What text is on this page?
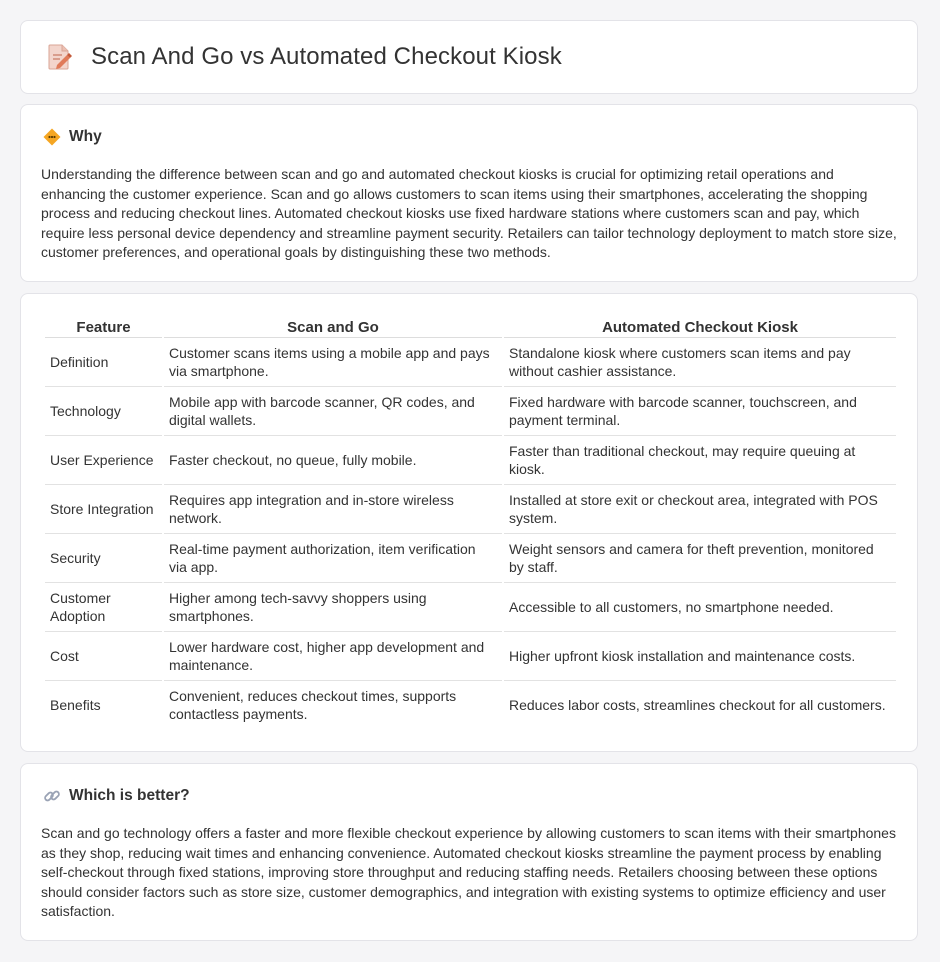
Scan And Go vs Automated Checkout Kiosk
Why
Understanding the difference between scan and go and automated checkout kiosks is crucial for optimizing retail operations and enhancing the customer experience. Scan and go allows customers to scan items using their smartphones, accelerating the shopping process and reducing checkout lines. Automated checkout kiosks use fixed hardware stations where customers scan and pay, which require less personal device dependency and streamline payment security. Retailers can tailor technology deployment to match store size, customer preferences, and operational goals by distinguishing these two methods.
Feature	Scan and Go	Automated Checkout Kiosk
Definition	Customer scans items using a mobile app and pays via smartphone.	Standalone kiosk where customers scan items and pay without cashier assistance.
Technology	Mobile app with barcode scanner, QR codes, and digital wallets.	Fixed hardware with barcode scanner, touchscreen, and payment terminal.
User Experience	Faster checkout, no queue, fully mobile.	Faster than traditional checkout, may require queuing at kiosk.
Store Integration	Requires app integration and in-store wireless network.	Installed at store exit or checkout area, integrated with POS system.
Security	Real-time payment authorization, item verification via app.	Weight sensors and camera for theft prevention, monitored by staff.
Customer Adoption	Higher among tech-savvy shoppers using smartphones.	Accessible to all customers, no smartphone needed.
Cost	Lower hardware cost, higher app development and maintenance.	Higher upfront kiosk installation and maintenance costs.
Benefits	Convenient, reduces checkout times, supports contactless payments.	Reduces labor costs, streamlines checkout for all customers.
Which is better?
Scan and go technology offers a faster and more flexible checkout experience by allowing customers to scan items with their smartphones as they shop, reducing wait times and enhancing convenience. Automated checkout kiosks streamline the payment process by enabling self-checkout through fixed stations, improving store throughput and reducing staffing needs. Retailers choosing between these options should consider factors such as store size, customer demographics, and integration with existing systems to optimize efficiency and user satisfaction.
